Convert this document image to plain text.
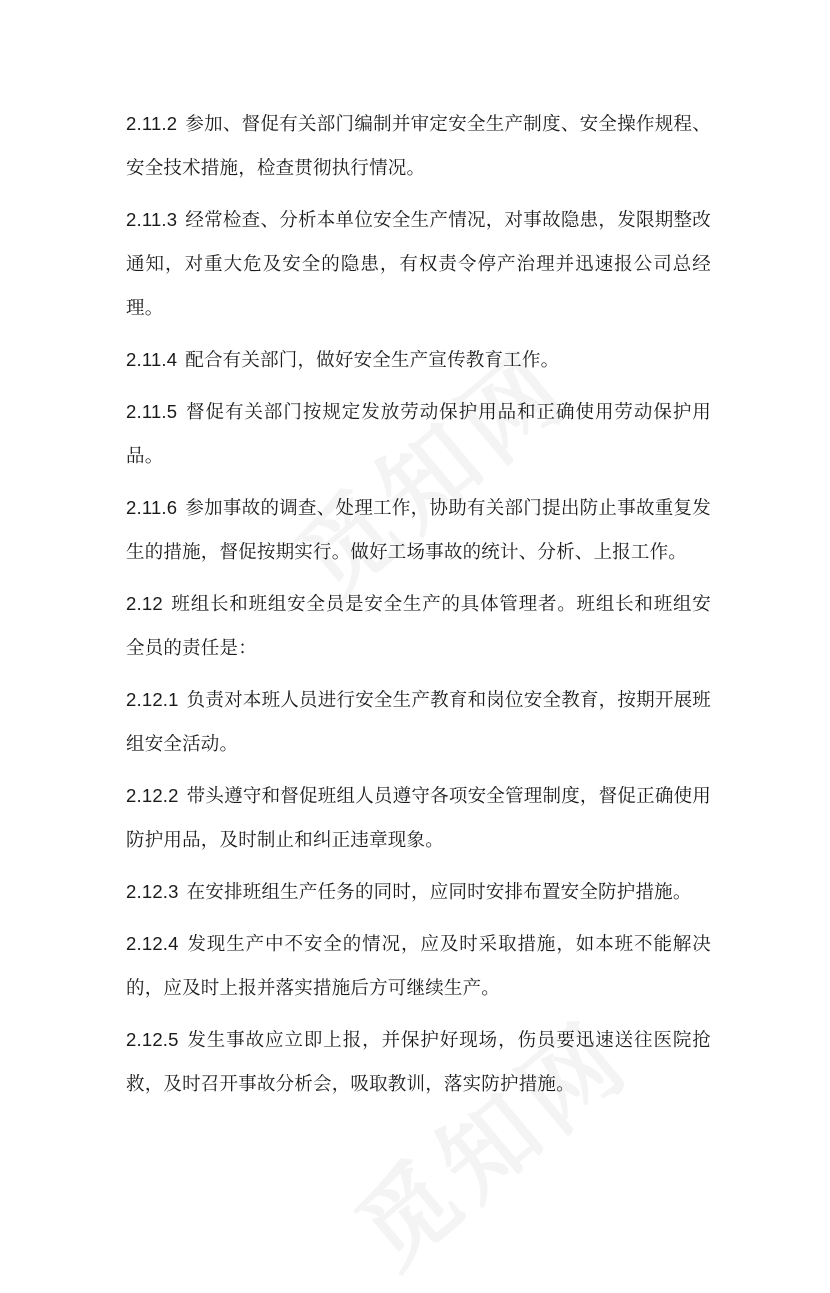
2.11.2 参加、督促有关部门编制并审定安全生产制度、安全操作规程、安全技术措施，检查贯彻执行情况。

2.11.3 经常检查、分析本单位安全生产情况，对事故隐患，发限期整改通知，对重大危及安全的隐患，有权责令停产治理并迅速报公司总经理。

2.11.4 配合有关部门，做好安全生产宣传教育工作。

2.11.5 督促有关部门按规定发放劳动保护用品和正确使用劳动保护用品。

2.11.6 参加事故的调查、处理工作，协助有关部门提出防止事故重复发生的措施，督促按期实行。做好工场事故的统计、分析、上报工作。

2.12 班组长和班组安全员是安全生产的具体管理者。班组长和班组安全员的责任是：

2.12.1 负责对本班人员进行安全生产教育和岗位安全教育，按期开展班组安全活动。

2.12.2 带头遵守和督促班组人员遵守各项安全管理制度，督促正确使用防护用品，及时制止和纠正违章现象。

2.12.3 在安排班组生产任务的同时，应同时安排布置安全防护措施。

2.12.4 发现生产中不安全的情况，应及时采取措施，如本班不能解决的，应及时上报并落实措施后方可继续生产。

2.12.5 发生事故应立即上报，并保护好现场，伤员要迅速送往医院抢救，及时召开事故分析会，吸取教训，落实防护措施。
